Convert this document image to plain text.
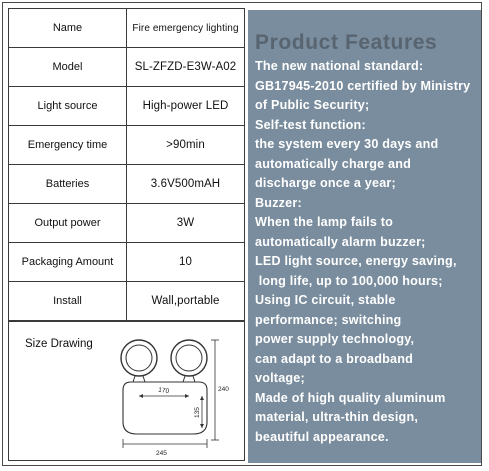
Name	Fire emergency lighting
Model	SL-ZFZD-E3W-A02
Light source	High-power LED
Emergency time	>90min
Batteries	3.6V500mAH
Output power	3W
Packaging Amount	10
Install	Wall,portable
Size Drawing
170	240
135
245
Product Features
The new national standard:
GB17945-2010 certified by Ministry
of Public Security;
Self-test function:
the system every 30 days and
automatically charge and
discharge once a year;
Buzzer:
When the lamp fails to
automatically alarm buzzer;
LED light source, energy saving,
long life, up to 100,000 hours;
Using IC circuit, stable
performance; switching
power supply technology,
can adapt to a broadband
voltage;
Made of high quality aluminum
material, ultra-thin design,
beautiful appearance.
